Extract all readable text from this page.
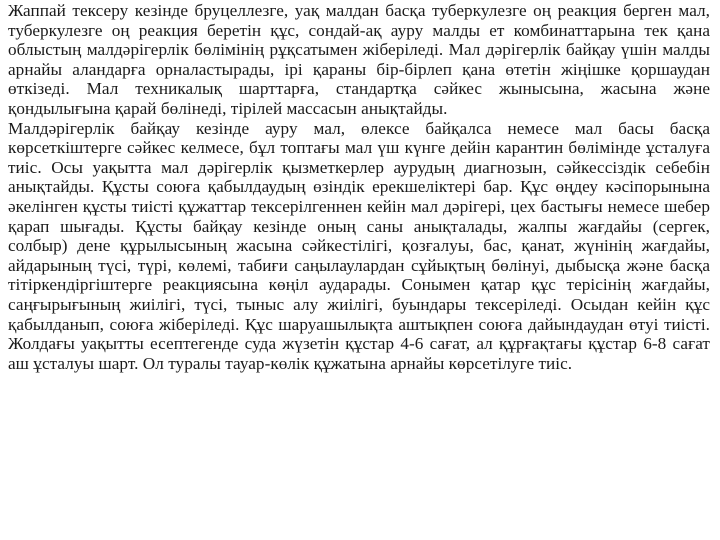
Жаппай тексеру кезінде бруцеллезге, уақ малдан басқа туберкулезге оң реакция берген мал, туберкулезге оң реакция беретін құс, сондай-ақ ауру малды ет комбинаттарына тек қана облыстың малдәрігерлік бөлімінің рұқсатымен жіберіледі. Мал дәрігерлік байқау үшін малды арнайы аландарға орналастырады, ірі қараны бір-бірлеп қана өтетін жіңішке қоршаудан өткізеді. Мал техникалық шарттарға, стандартқа сәйкес жынысына, жасына және қондылығына қарай бөлінеді, тірілей массасын анықтайды.

Малдәрігерлік байқау кезінде ауру мал, өлексе байқалса немесе мал басы басқа көрсеткіштерге сәйкес келмесе, бұл топтағы мал үш күнге дейін карантин бөлімінде ұсталуға тиіс. Осы уақытта мал дәрігерлік қызметкерлер аурудың диагнозын, сәйкессіздік себебін анықтайды. Құсты союға қабылдаудың өзіндік ерекшеліктері бар. Құс өңдеу кәсіпорынына әкелінген құсты тиісті құжаттар тексерілгеннен кейін мал дәрігері, цех бастығы немесе шебер қарап шығады. Құсты байқау кезінде оның саны анықталады, жалпы жағдайы (сергек, солбыр) дене құрылысының жасына сәйкестілігі, қозғалуы, бас, қанат, жүнінің жағдайы, айдарының түсі, түрі, көлемі, табиғи саңылаулардан сұйықтың бөлінуі, дыбысқа және басқа тітіркендіргіштерге реакциясына көңіл аударады. Сонымен қатар құс терісінің жағдайы, саңғырығының жиілігі, түсі, тыныс алу жиілігі, буындары тексеріледі. Осыдан кейін құс қабылданып, союға жіберіледі. Құс шаруашылықта аштықпен союға дайындаудан өтуі тиісті. Жолдағы уақытты есептегенде суда жүзетін құстар 4-6 сағат, ал құрғақтағы құстар 6-8 сағат аш ұсталуы шарт. Ол туралы тауар-көлік құжатына арнайы көрсетілуге тиіс.
